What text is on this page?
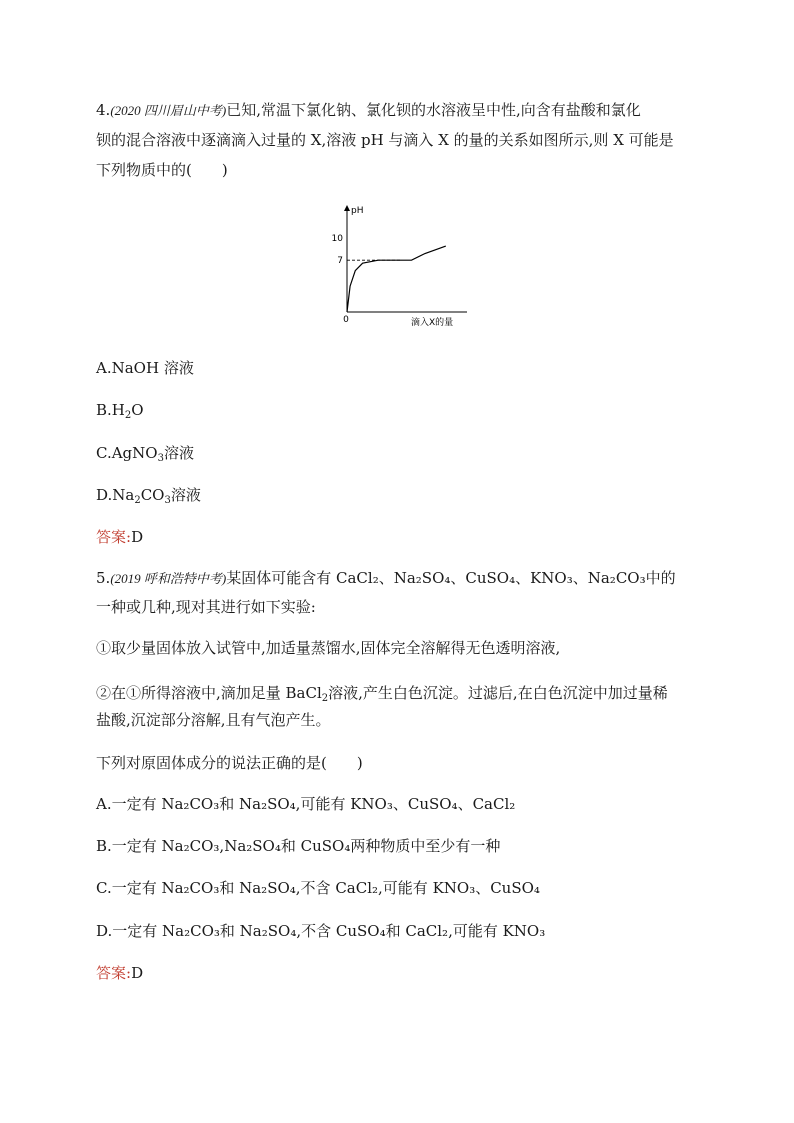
4.(2020 四川眉山中考)已知,常温下氯化钠、氯化钡的水溶液呈中性,向含有盐酸和氯化
钡的混合溶液中逐滴滴入过量的 X,溶液 pH 与滴入 X 的量的关系如图所示,则 X 可能是
下列物质中的(　　)
pH
10
7
0	滴入X的量
A.NaOH 溶液
$B.H_2O$
C.AgNO$_3$溶液
$D.Na_2CO_3$溶液
答案:D
5.(2019 呼和浩特中考)某固体可能含有 CaCl₂、Na₂SO₄、CuSO₄、KNO₃、Na₂CO₃中的
一种或几种,现对其进行如下实验:
①取少量固体放入试管中,加适量蒸馏水,固体完全溶解得无色透明溶液,
②在①所得溶液中,滴加足量 BaCl$_2$溶液,产生白色沉淀。过滤后,在白色沉淀中加过量稀
盐酸,沉淀部分溶解,且有气泡产生。
下列对原固体成分的说法正确的是(　　)
A.一定有 Na₂CO₃和 Na₂SO₄,可能有 KNO₃、CuSO₄、CaCl₂
B.一定有 Na₂CO₃,Na₂SO₄和 CuSO₄两种物质中至少有一种
C.一定有 Na₂CO₃和 Na₂SO₄,不含 CaCl₂,可能有 KNO₃、CuSO₄
D.一定有 Na₂CO₃和 Na₂SO₄,不含 CuSO₄和 CaCl₂,可能有 KNO₃
答案:D
